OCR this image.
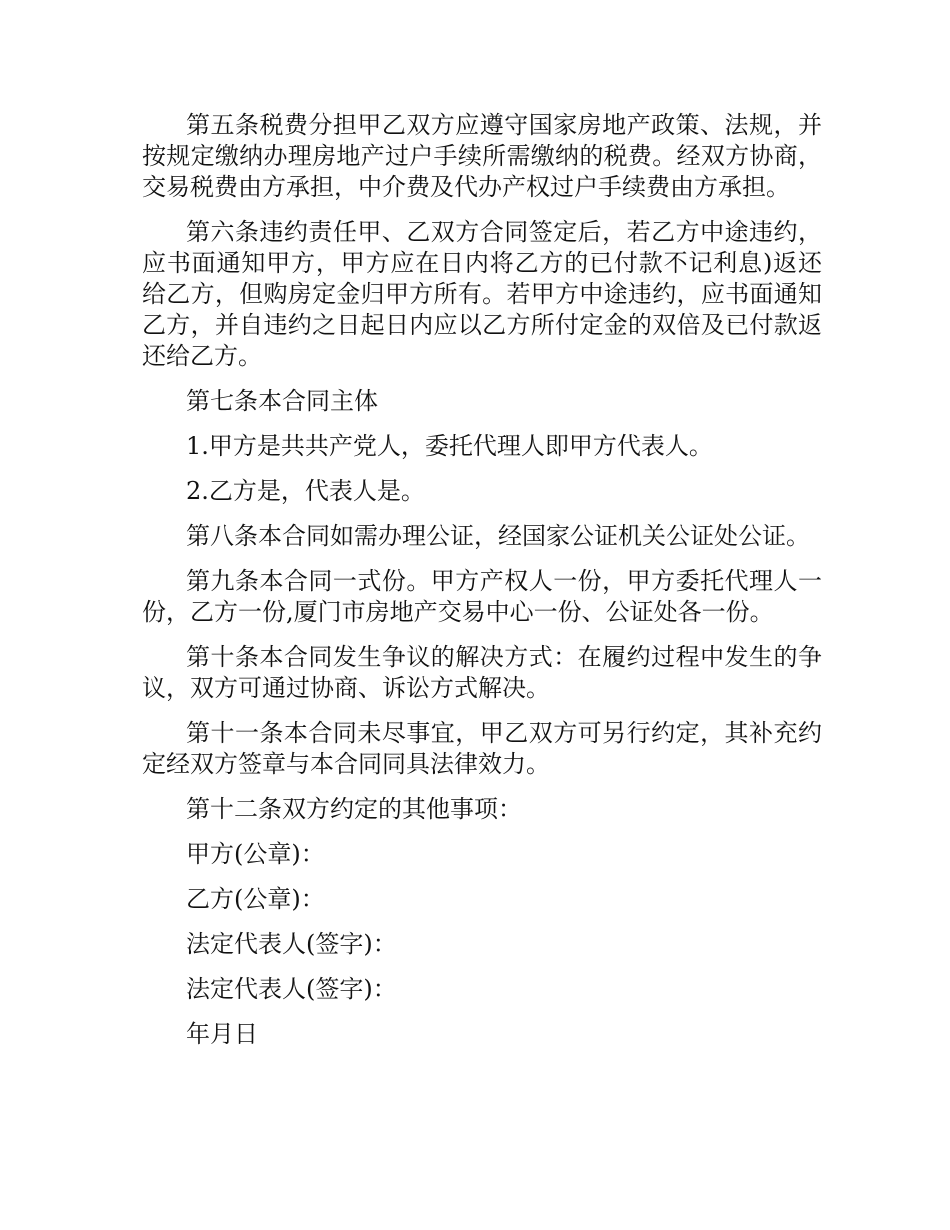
第五条税费分担甲乙双方应遵守国家房地产政策、法规，并按规定缴纳办理房地产过户手续所需缴纳的税费。经双方协商，交易税费由方承担，中介费及代办产权过户手续费由方承担。

第六条违约责任甲、乙双方合同签定后，若乙方中途违约，应书面通知甲方，甲方应在日内将乙方的已付款不记利息)返还给乙方，但购房定金归甲方所有。若甲方中途违约，应书面通知乙方，并自违约之日起日内应以乙方所付定金的双倍及已付款返还给乙方。

第七条本合同主体

1.甲方是共共产党人，委托代理人即甲方代表人。

2.乙方是，代表人是。

第八条本合同如需办理公证，经国家公证机关公证处公证。

第九条本合同一式份。甲方产权人一份，甲方委托代理人一份，乙方一份,厦门市房地产交易中心一份、公证处各一份。

第十条本合同发生争议的解决方式：在履约过程中发生的争议，双方可通过协商、诉讼方式解决。

第十一条本合同未尽事宜，甲乙双方可另行约定，其补充约定经双方签章与本合同同具法律效力。

第十二条双方约定的其他事项：

甲方(公章)：

乙方(公章)：

法定代表人(签字)：

法定代表人(签字)：

年月日
